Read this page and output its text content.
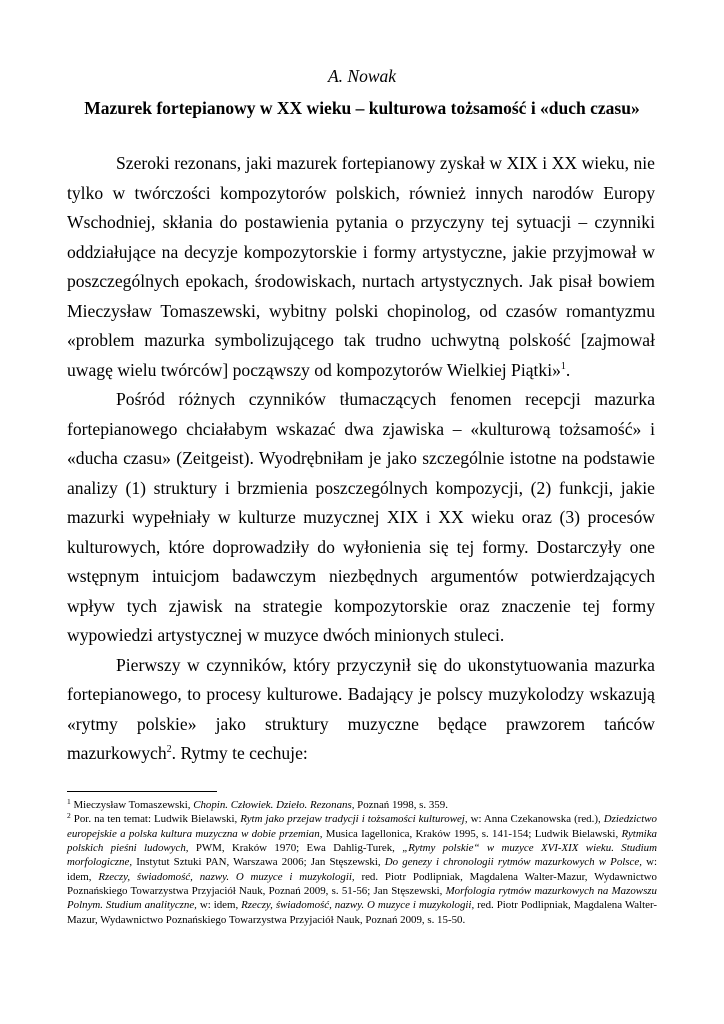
A. Nowak
Mazurek fortepianowy w XX wieku – kulturowa tożsamość i «duch czasu»

Szeroki rezonans, jaki mazurek fortepianowy zyskał w XIX i XX wieku, nie tylko w twórczości kompozytorów polskich, również innych narodów Europy Wschodniej, skłania do postawienia pytania o przyczyny tej sytuacji – czynniki oddziałujące na decyzje kompozytorskie i formy artystyczne, jakie przyjmował w poszczególnych epokach, środowiskach, nurtach artystycznych. Jak pisał bowiem Mieczysław Tomaszewski, wybitny polski chopinolog, od czasów romantyzmu «problem mazurka symbolizującego tak trudno uchwytną polskość [zajmował uwagę wielu twórców] począwszy od kompozytorów Wielkiej Piątki»$^1$.

Pośród różnych czynników tłumaczących fenomen recepcji mazurka fortepianowego chciałabym wskazać dwa zjawiska – «kulturową tożsamość» i «ducha czasu» (Zeitgeist). Wyodrębniłam je jako szczególnie istotne na podstawie analizy (1) struktury i brzmienia poszczególnych kompozycji, (2) funkcji, jakie mazurki wypełniały w kulturze muzycznej XIX i XX wieku oraz (3) procesów kulturowych, które doprowadziły do wyłonienia się tej formy. Dostarczyły one wstępnym intuicjom badawczym niezbędnych argumentów potwierdzających wpływ tych zjawisk na strategie kompozytorskie oraz znaczenie tej formy wypowiedzi artystycznej w muzyce dwóch minionych stuleci.

Pierwszy w czynników, który przyczynił się do ukonstytuowania mazurka fortepianowego, to procesy kulturowe. Badający je polscy muzykolodzy wskazują «rytmy polskie» jako struktury muzyczne będące prawzorem tańców mazurkowych$^2$. Rytmy te cechuje:

$^1$ Mieczysław Tomaszewski, Chopin. Człowiek. Dzieło. Rezonans, Poznań 1998, s. 359.

$^2$ Por. na ten temat: Ludwik Bielawski, Rytm jako przejaw tradycji i tożsamości kulturowej, w: Anna Czekanowska (red.), Dziedzictwo europejskie a polska kultura muzyczna w dobie przemian, Musica Iagellonica, Kraków 1995, s. 141-154; Ludwik Bielawski, Rytmika polskich pieśni ludowych, PWM, Kraków 1970; Ewa Dahlig-Turek, „Rytmy polskie“ w muzyce XVI-XIX wieku. Studium morfologiczne, Instytut Sztuki PAN, Warszawa 2006; Jan Stęszewski, Do genezy i chronologii rytmów mazurkowych w Polsce, w: idem, Rzeczy, świadomość, nazwy. O muzyce i muzykologii, red. Piotr Podlipniak, Magdalena Walter-Mazur, Wydawnictwo Poznańskiego Towarzystwa Przyjaciół Nauk, Poznań 2009, s. 51-56; Jan Stęszewski, Morfologia rytmów mazurkowych na Mazowszu Polnym. Studium analityczne, w: idem, Rzeczy, świadomość, nazwy. O muzyce i muzykologii, red. Piotr Podlipniak, Magdalena Walter-Mazur, Wydawnictwo Poznańskiego Towarzystwa Przyjaciół Nauk, Poznań 2009, s. 15-50.
